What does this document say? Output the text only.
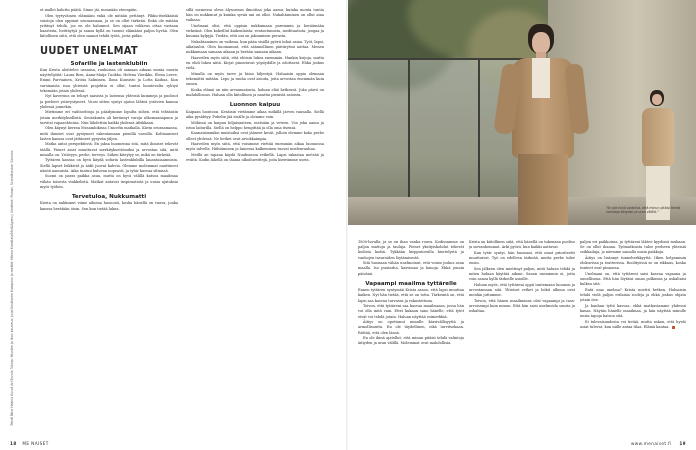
et mallei haluttu päätä. Sinne jäi, mennään eteenpäin.

Olen tyytyväinen elämääni enkä ole mitään pettänyt. Pikku-itsekkäisiä vaistoja olen oppinut seuraamaan, ja se on ollut tärkeää. Enkä ole mitään yritänyt tehdä, jos en ole halunnut. Sen sijaan rohkeus ottaa vastaan haasteita, heittäytyä ja sanoa kyllä on tuonut elämääni paljon hyvää. Olen kiitollinen siitä, että olen saanut tehdä työtä, josta pidän.

UUDET UNELMAT

Sofarille ja lastenklubiin

Kun Krista aloittelee uraansa, ruukuissa oli samaan aikaan monia nuoria näyttelijöitä: Laura Birn, Anna-Maija Tuokko, Helena Vierikko, Elena Leeve, Emmi Parviainen, Krista Salminen, Ilona Kuusisto ja Lotta Kaihua. Kun varsinaista isoa yhteistä projektia ei ollut, tuntui luontevalta ryhtyä tekemään jotain yhdessä.

Nyt kaveruus on tehnyt naisista jo lastensa yhteisiä kummeja ja puolisot ja perheet ystävystyneet. Vuosi sitten syntyi ajatus lähteä ystävien kanssa yhdessä jonnekin.

Mietimme eri vaihtoehtoja ja päädyimme lopulta siihen, että tehtäisiin jotain merkityksellistä. Seurakunta oli kerännyt varoja ulkomaanapuun ja tarvitsi vapaaehtoisia. Niin lähdettiin kaikki yhdessä Afrikkaan.

Olen käynyt kerran Mosambikissa Unicefin matkalla. Kävin seuraamassa, mitä ihmiset ovat pystyneet rakentamaan pienillä varoilla. Kohtaamiset lasten kanssa ovat jättäneet pysyvän jäljen.

Matka antoi perspektiiviä. En jaksa huomenna sitä, mitä ihmiset tekevät täällä. Pienet asiat muuttuvat merkityksettömiksi ja arvostan sitä, mitä minulla on. Ystävyys, perhe, terveys. Siihen kiteytyy se, mikä on tärkeää.

Tyttären kanssa on hyvä käydä sofarin lastenklubilla lauantaiaamuisin. Siellä lapset leikkivät ja äidit juovat kahvia. Olemme molemmat nauttineet näistä aamuista. Aika tuntuu kuluvan nopeasti, ja tytär kasvaa silmissä.

Suomi on paras paikka asua, mutta on hyvä välillä katsoa maailmaa vähän toisesta vinkkelistä. Matkat antavat inspiraatiota ja uusia ajatuksia myös työhön.

Tervetuloa, Nukkumatti

Krista on nukkunut viime aikoina huonosti, koska hänellä on vauva, jonka kanssa herätään öisin. Sen kun tietää lukea.

sillä sormessa oleva älysormus ilmoittaa joka aamu, kuinka monta tuntia hän on nukkunut ja kuinka syvää uni on ollut. Nukahtaminen on ollut aina vaikeaa.

Unelmani olisi, että oppisin nukkumaan paremmin ja heräämään virkeänä. Olen kokeillut kaikenlaista: rentoutumista, meditaatiota, joogaa ja kuumia kylpyjä. Tiedän, että uni on jaksamisen perusta.

Nukahtaminen on vaikeaa, kun pään sisällä pyörii tuhat asiaa. Työt, lapsi, aikataulut. Olen huomannut, että säännöllinen päivärytmi auttaa. Menen nukkumaan samaan aikaan ja herään samaan aikaan.

Haaveilen myös siitä, että ehtisin lukea enemmän. Hankin kirjoja, mutta en ehdi lukea niitä. Kirjat pinoutuvat yöpöydälle ja odottavat. Ehkä joskus vielä.

Minulla on myös tarve ja himo hiljentyä. Haluaisin oppia olemaan tekemättä mitään. Lepo ja rauha ovat asioita, joita arvostan enemmän kuin ennen.

Koska elämä on niin arvaamatonta, haluan elää hetkessä. Joka päivä on mahdollisuus. Haluan olla kiitollinen ja nauttia pienistä asioista.

Luonnon kaipuu

Kaipaan luontoon. Kesäisin vietämme aikaa mökillä järven rannalla. Siellä aika pysähtyy. Puhelin jää sisälle ja olemme vain.

Mökissä on kaipuu hiljaisuuteen, metsään ja veteen. Uin joka aamu ja istun laiturilla. Siellä on helppo hengittää ja olla oma itsensä.

Kaunaisimmiksi muistoiksi ovat jääneet kesät, jolloin olemme koko perhe olleet yhdessä. Ne hetket ovat arvokkaimpia.

Haaveilen myös siitä, että voisimme viettää enemmän aikaa luonnossa myös talvella. Hiihtäminen ja lumessa kulkeminen tuovat mielenrauhaa.

Meillä on tapana käydä Nuuksiossa retkellä. Lapsi rakastaa metsää ja eväitä. Kodin lähellä on ihania ulkoilureittejä, joita kierrämme usein.

Teksti Nina Hakola Kuvat Ari Ervola Tukaja: Hiusten ja ihon kauneus; Jussi Kostianen Kampaus ja meikki: Minna Kaartiala/Moi&Agency Vaatteet: Pomar, Scandinavian Saloons
18 ME NAISET
"En ole ikinä ajatellut, että minun pitäisi tehdä valintoja äitiyden ja uran välillä."

1800-luvulla, ja se on ihan vanha rouva. Kodissamme on paljon mattoja ja tauluja. Pienet yksityiskohdat tekevät kodista kodin. Tykkään kirpputoreilla kiertelystä ja vanhojen tavaroiden löytämisestä.

Sitä huonaan vähän unelmoinut, että voisin joskus asua maalla. Iso puutarha, kasvimaa ja kanoja. Ehkä jonain päivänä.

Vapaampi maailma tyttärelle

Ennen tyttären syntymää Krista sanoo, että lapsi muuttaa kaiken. Nyt hän tietää, että se on totta. Tärkeintä on, että lapsi saa kasvaa turvassa ja rakastettuna.

Toivon, että tyttäreni saa kasvaa maailmassa, jossa hän voi olla mitä vain. Ettei kukaan sano hänelle, että tytöt eivät voi tehdä jotain. Haluan näyttää esimerkkiä.

Äitiys on opettanut minulle kärsivällisyyttä ja armollisuutta. En ole täydellinen, eikä tarvitsekaan. Riittää, että olen läsnä.

En ole ikinä ajatellut, että minun pitäisi tehdä valintoja äitiyden ja uran välillä. Molemmat ovat mahdollisia.

Krista on kiitollinen siitä, että hänellä on tukenaan puoliso ja isovanhemmat. Arki pyörii, kun kaikki auttavat.

Kun tytär syntyi, hän huomasi, että omat prioriteetit muuttuivat. Työ on edelleen tärkeää, mutta perhe tulee ensin.

Sen jälkeen olen miettinyt paljon, mitä haluan tehdä ja miten haluan käyttää aikani. Sanon useammin ei, jotta voin sanoa kyllä tärkeille asioille.

Haluan myös, että tyttäreni oppii tuntemaan luonnon ja arvostamaan sitä. Yhteiset retket ja leikit ulkona ovat meidän juttumme.

Toivon, että hänen maailmansa olisi vapaampi ja tasa-arvoisempi kuin minun. Että hän saisi unelmoida suuria ja uskaltaa.

paljon eri paikkoissa, ja tyttäreni lähtee kyydissä mukaan. Se on ollut ihanaa. Työmatkoista tulee perheen yhteisiä seikkailuja, ja näemme samalla uusia paikkoja.

Äitiys on lisännyt tunneherkkyyttä. Itken helpommin elokuvissa ja teatterissa. Roolityössä se on rikkaus, koska tunteet ovat pinnassa.

Unelmani on, että tyttäreni saisi kasvaa vapaana ja onnellisena. Että hän löytäisi oman polkunsa ja uskaltaisi kulkea sitä.

Entä oma unelma? Krista miettii hetken. Haluaisin tehdä vielä paljon erilaisia rooleja ja ehkä joskus ohjata jotain itse.

Ja kunhan tyttö kasvaa, ehkä matkustamme yhdessä kauas. Näytän hänelle maailmaa, ja hän näyttää minulle uusia tapoja katsoa sitä.

Ei tulevaisuudesta voi tietää, mutta uskon, että hyvät asiat tulevat, kun niille antaa tilaa. Elämä kantaa.

www.menaiset.fi 19
